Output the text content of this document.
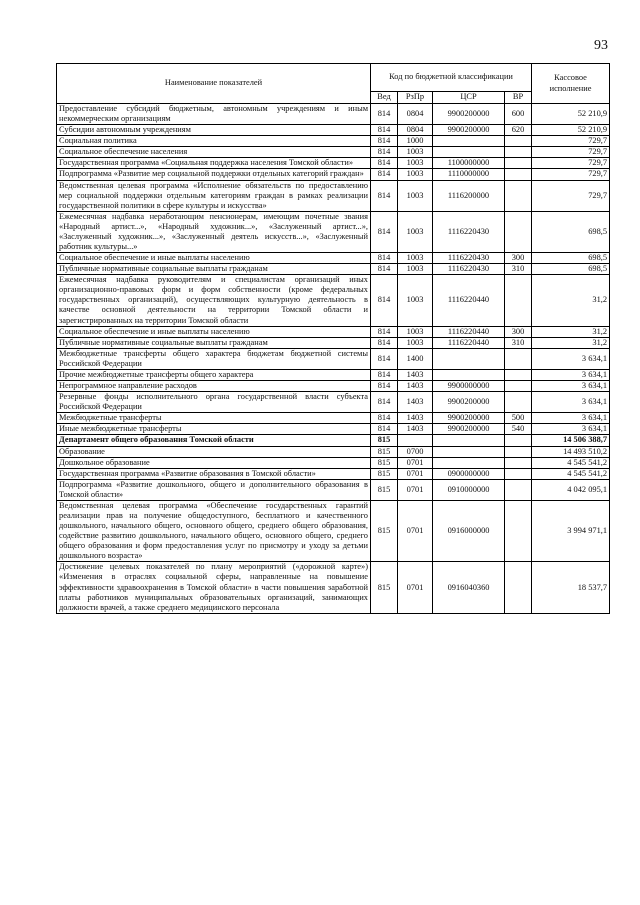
93
Наименование показателей	Код по бюджетной классификации				Кассовое исполнение
	Вед	РзПр	ЦСР	ВР	
Предоставление субсидий бюджетным, автономным учреждениям и иным некоммерческим организациям	814	0804	9900200000	600	52 210,9
Субсидии автономным учреждениям	814	0804	9900200000	620	52 210,9
Социальная политика	814	1000			729,7
Социальное обеспечение населения	814	1003			729,7
Государственная программа «Социальная поддержка населения Томской области»	814	1003	1100000000		729,7
Подпрограмма «Развитие мер социальной поддержки отдельных категорий граждан»	814	1003	1110000000		729,7
Ведомственная целевая программа «Исполнение обязательств по предоставлению мер социальной поддержки отдельным категориям граждан в рамках реализации государственной политики в сфере культуры и искусства»	814	1003	1116200000		729,7
Ежемесячная надбавка неработающим пенсионерам, имеющим почетные звания «Народный артист...», «Народный художник...», «Заслуженный артист...», «Заслуженный художник...», «Заслуженный деятель искусств...», «Заслуженный работник культуры...»	814	1003	1116220430		698,5
Социальное обеспечение и иные выплаты населению	814	1003	1116220430	300	698,5
Публичные нормативные социальные выплаты гражданам	814	1003	1116220430	310	698,5
Ежемесячная надбавка руководителям и специалистам организаций иных организационно-правовых форм и форм собственности (кроме федеральных государственных организаций), осуществляющих культурную деятельность в качестве основной деятельности на территории Томской области и зарегистрированных на территории Томской области	814	1003	1116220440		31,2
Социальное обеспечение и иные выплаты населению	814	1003	1116220440	300	31,2
Публичные нормативные социальные выплаты гражданам	814	1003	1116220440	310	31,2
Межбюджетные трансферты общего характера бюджетам бюджетной системы Российской Федерации	814	1400			3 634,1
Прочие межбюджетные трансферты общего характера	814	1403			3 634,1
Непрограммное направление расходов	814	1403	9900000000		3 634,1
Резервные фонды исполнительного органа государственной власти субъекта Российской Федерации	814	1403	9900200000		3 634,1
Межбюджетные трансферты	814	1403	9900200000	500	3 634,1
Иные межбюджетные трансферты	814	1403	9900200000	540	3 634,1
Департамент общего образования Томской области	815				14 506 388,7
Образование	815	0700			14 493 510,2
Дошкольное образование	815	0701			4 545 541,2
Государственная программа «Развитие образования в Томской области»	815	0701	0900000000		4 545 541,2
Подпрограмма «Развитие дошкольного, общего и дополнительного образования в Томской области»	815	0701	0910000000		4 042 095,1
Ведомственная целевая программа «Обеспечение государственных гарантий реализации прав на получение общедоступного, бесплатного и качественного дошкольного, начального общего, основного общего, среднего общего образования, содействие развитию дошкольного, начального общего, основного общего, среднего общего образования и форм предоставления услуг по присмотру и уходу за детьми дошкольного возраста»	815	0701	0916000000		3 994 971,1
Достижение целевых показателей по плану мероприятий («дорожной карте») «Изменения в отраслях социальной сферы, направленные на повышение эффективности здравоохранения в Томской области» в части повышения заработной платы работников муниципальных образовательных организаций, занимающих должности врачей, а также среднего медицинского персонала	815	0701	0916040360		18 537,7
